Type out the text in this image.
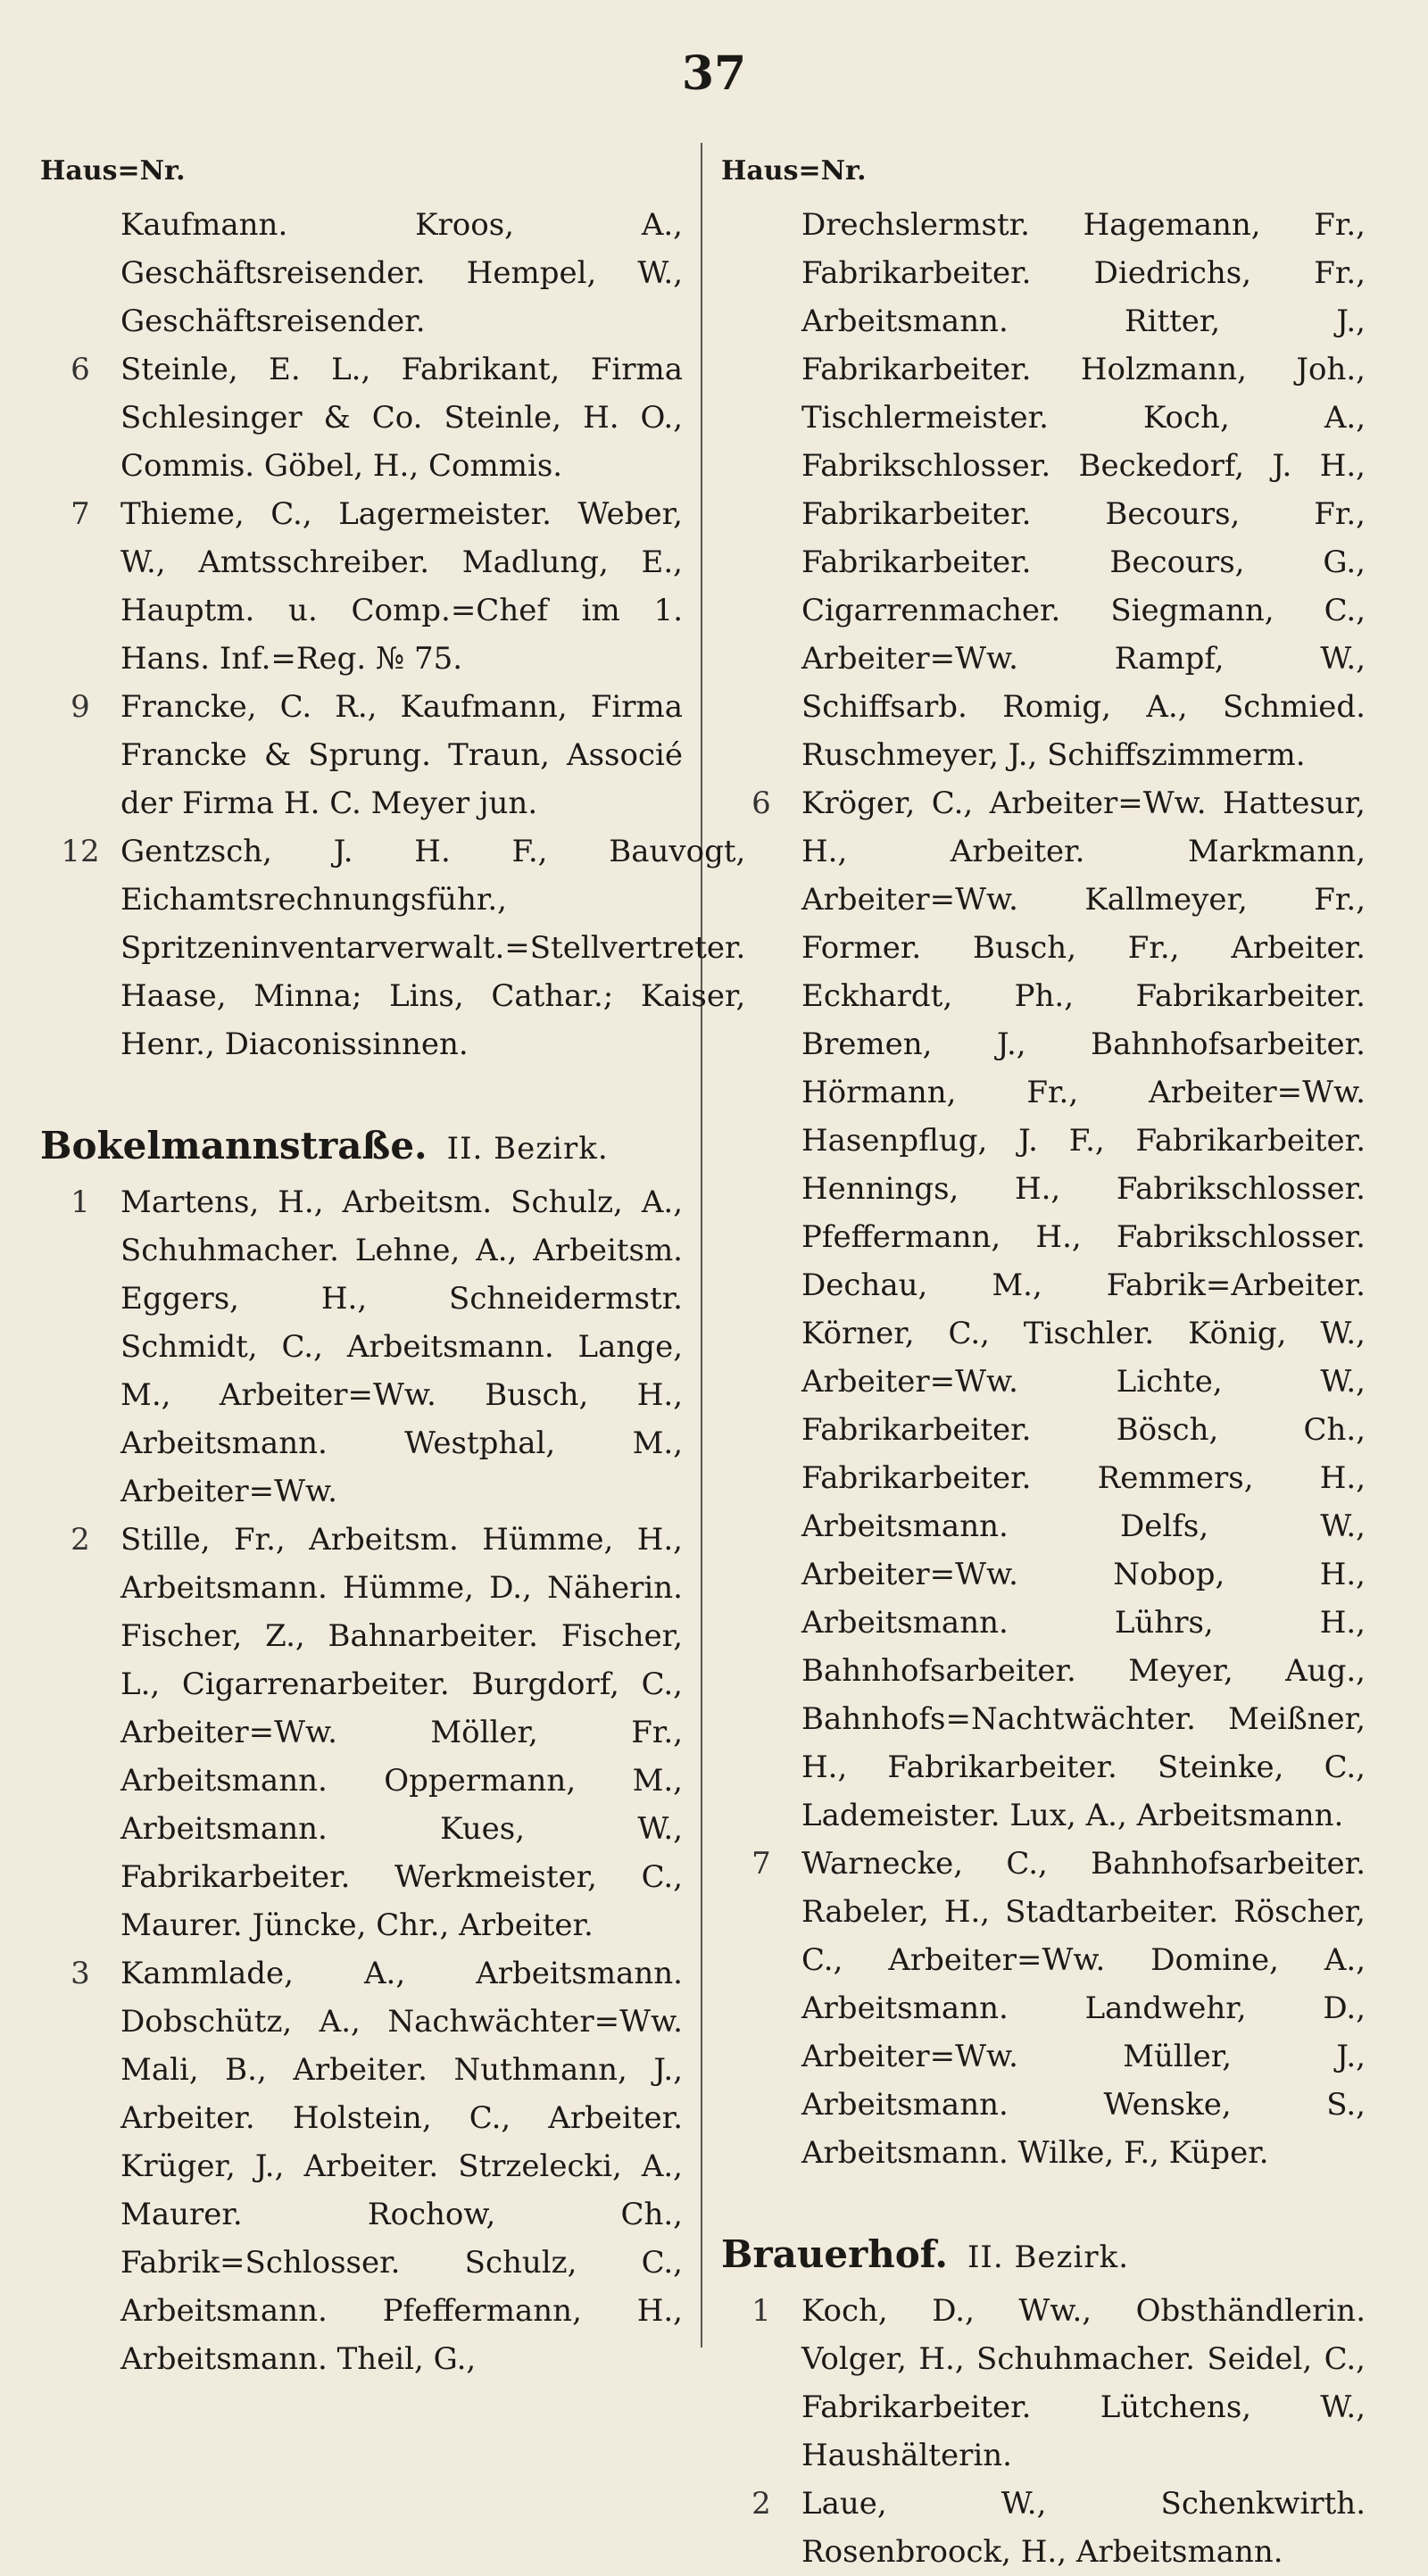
37
Haus=Nr.
Kaufmann. Kroos, A., Geschäftsreisender. Hempel, W., Geschäftsreisender.
6	Steinle, E. L., Fabrikant, Firma Schlesinger & Co. Steinle, H. O., Commis. Göbel, H., Commis.
7	Thieme, C., Lagermeister. Weber, W., Amtsschreiber. Madlung, E., Hauptm. u. Comp.=Chef im 1. Hans. Inf.=Reg. № 75.
9	Francke, C. R., Kaufmann, Firma Francke & Sprung. Traun, Associé der Firma H. C. Meyer jun.
12 Gentzsch, J. H. F., Bauvogt, Eichamtsrechnungsführ., Spritzeninventarverwalt.=Stellvertreter. Haase, Minna; Lins, Cathar.; Kaiser, Henr., Diaconissinnen.
Bokelmannstraße. II. Bezirk.
1	Martens, H., Arbeitsm. Schulz, A., Schuhmacher. Lehne, A., Arbeitsm. Eggers, H., Schneidermstr. Schmidt, C., Arbeitsmann. Lange, M., Arbeiter=Ww. Busch, H., Arbeitsmann. Westphal, M., Arbeiter=Ww.
2	Stille, Fr., Arbeitsm. Hümme, H., Arbeitsmann. Hümme, D., Näherin. Fischer, Z., Bahnarbeiter. Fischer, L., Cigarrenarbeiter. Burgdorf, C., Arbeiter=Ww. Möller, Fr., Arbeitsmann. Oppermann, M., Arbeitsmann. Kues, W., Fabrikarbeiter. Werkmeister, C., Maurer. Jüncke, Chr., Arbeiter.
3	Kammlade, A., Arbeitsmann. Dobschütz, A., Nachwächter=Ww. Mali, B., Arbeiter. Nuthmann, J., Arbeiter. Holstein, C., Arbeiter. Krüger, J., Arbeiter. Strzelecki, A., Maurer. Rochow, Ch., Fabrik=Schlosser. Schulz, C., Arbeitsmann. Pfeffermann, H., Arbeitsmann. Theil, G.,
Haus=Nr.
Drechslermstr. Hagemann, Fr., Fabrikarbeiter. Diedrichs, Fr., Arbeitsmann. Ritter, J., Fabrikarbeiter. Holzmann, Joh., Tischlermeister. Koch, A., Fabrikschlosser. Beckedorf, J. H., Fabrikarbeiter. Becours, Fr., Fabrikarbeiter. Becours, G., Cigarrenmacher. Siegmann, C., Arbeiter=Ww. Rampf, W., Schiffsarb. Romig, A., Schmied. Ruschmeyer, J., Schiffszimmerm.
6	Kröger, C., Arbeiter=Ww. Hattesur, H., Arbeiter. Markmann, Arbeiter=Ww. Kallmeyer, Fr., Former. Busch, Fr., Arbeiter. Eckhardt, Ph., Fabrikarbeiter. Bremen, J., Bahnhofsarbeiter. Hörmann, Fr., Arbeiter=Ww. Hasenpflug, J. F., Fabrikarbeiter. Hennings, H., Fabrikschlosser. Pfeffermann, H., Fabrikschlosser. Dechau, M., Fabrik=Arbeiter. Körner, C., Tischler. König, W., Arbeiter=Ww. Lichte, W., Fabrikarbeiter. Bösch, Ch., Fabrikarbeiter. Remmers, H., Arbeitsmann. Delfs, W., Arbeiter=Ww. Nobop, H., Arbeitsmann. Lührs, H., Bahnhofsarbeiter. Meyer, Aug., Bahnhofs=Nachtwächter. Meißner, H., Fabrikarbeiter. Steinke, C., Lademeister. Lux, A., Arbeitsmann.
7	Warnecke, C., Bahnhofsarbeiter. Rabeler, H., Stadtarbeiter. Röscher, C., Arbeiter=Ww. Domine, A., Arbeitsmann. Landwehr, D., Arbeiter=Ww. Müller, J., Arbeitsmann. Wenske, S., Arbeitsmann. Wilke, F., Küper.
Brauerhof. II. Bezirk.
1	Koch, D., Ww., Obsthändlerin. Volger, H., Schuhmacher. Seidel, C., Fabrikarbeiter. Lütchens, W., Haushälterin.
2	Laue, W., Schenkwirth. Rosenbroock, H., Arbeitsmann.
